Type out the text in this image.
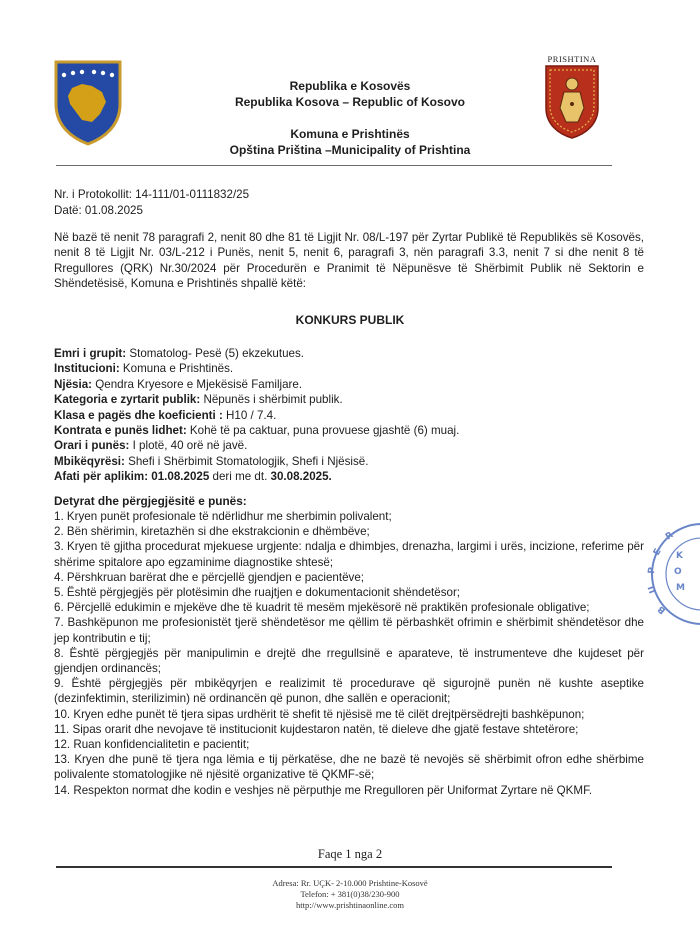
Republika e Kosovës
Republika Kosova – Republic of Kosovo
Komuna e Prishtinës
Opština Priština –Municipality of Prishtina
PRISHTINA
Nr. i Protokollit: 14-111/01-0111832/25
Datë: 01.08.2025
Në bazë të nenit 78 paragrafi 2, nenit 80 dhe 81 të Ligjit Nr. 08/L-197 për Zyrtar Publikë të Republikës së Kosovës, nenit 8 të Ligjit Nr. 03/L-212 i Punës, nenit 5, nenit 6, paragrafi 3, nën paragrafi 3.3, nenit 7 si dhe nenit 8 të Rregullores (QRK) Nr.30/2024 për Procedurën e Pranimit të Nëpunësve të Shërbimit Publik në Sektorin e Shëndetësisë, Komuna e Prishtinës shpallë këtë:
KONKURS PUBLIK
Emri i grupit: Stomatolog- Pesë (5) ekzekutues.
Institucioni: Komuna e Prishtinës.
Njësia: Qendra Kryesore e Mjekësisë Familjare.
Kategoria e zyrtarit publik: Nëpunës i shërbimit publik.
Klasa e pagës dhe koeficienti : H10 / 7.4.
Kontrata e punës lidhet: Kohë të pa caktuar, puna provuese gjashtë (6) muaj.
Orari i punës: I plotë, 40 orë në javë.
Mbikëqyrësi: Shefi i Shërbimit Stomatologjik, Shefi i Njësisë.
Afati për aplikim: 01.08.2025 deri me dt. 30.08.2025.
Detyrat dhe përgjegjësitë e punës:

1. Kryen punët profesionale të ndërlidhur me sherbimin polivalent;

2. Bën shërimin, kiretazhën si dhe ekstrakcionin e dhëmbëve;

3. Kryen të gjitha procedurat mjekuese urgjente: ndalja e dhimbjes, drenazha, largimi i urës, incizione, referime për shërime spitalore apo egzaminime diagnostike shtesë;

4. Përshkruan barërat dhe e përcjellë gjendjen e pacientëve;

5. Është përgjegjës për plotësimin dhe ruajtjen e dokumentacionit shëndetësor;

6. Përcjellë edukimin e mjekëve dhe të kuadrit të mesëm mjekësorë në praktikën profesionale obligative;

7. Bashkëpunon me profesionistët tjerë shëndetësor me qëllim të përbashkët ofrimin e shërbimit shëndetësor dhe jep kontributin e tij;

8. Është përgjegjës për manipulimin e drejtë dhe rregullsinë e aparateve, të instrumenteve dhe kujdeset për gjendjen ordinancës;

9. Është përgjegjës për mbikëqyrjen e realizimit të procedurave që sigurojnë punën në kushte aseptike (dezinfektimin, sterilizimin) në ordinancën që punon, dhe sallën e operacionit;

10. Kryen edhe punët të tjera sipas urdhërit të shefit të njësisë me të cilët drejtpërsëdrejti bashkëpunon;

11. Sipas orarit dhe nevojave të institucionit kujdestaron natën, të dieleve dhe gjatë festave shtetërore;

12. Ruan konfidencialitetin e pacientit;

13. Kryen dhe punë të tjera nga lëmia e tij përkatëse, dhe ne bazë të nevojës së shërbimit ofron edhe shërbime polivalente stomatologjike në njësitë organizative të QKMF-së;

14. Respekton normat dhe kodin e veshjes në përputhje me Rregulloren për Uniformat Zyrtare në QKMF.

R
E
P
U
B
K
O
M
Faqe 1 nga 2
Adresa: Rr. UÇK- 2-10.000 Prishtine-Kosovë
Telefon: + 381(0)38/230-900
http://www.prishtinaonline.com
